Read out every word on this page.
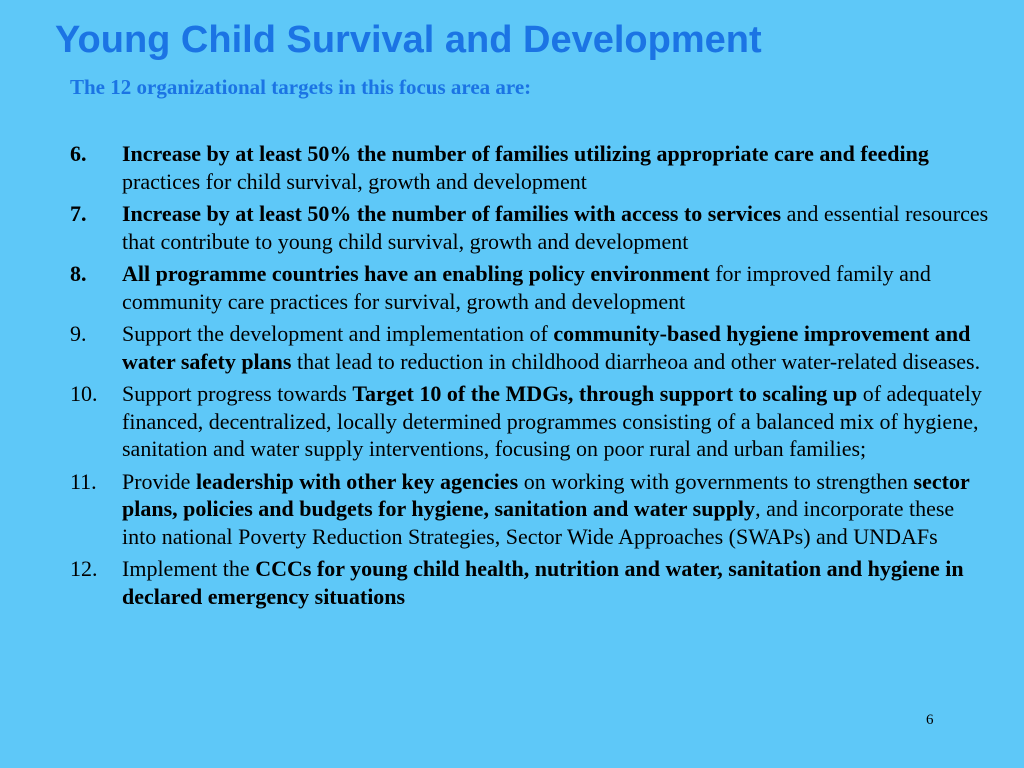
Young Child Survival and Development
The 12 organizational targets in this focus area are:
6.	Increase by at least 50% the number of families utilizing appropriate care and feeding practices for child survival, growth and development
7.	Increase by at least 50% the number of families with access to services and essential resources that contribute to young child survival, growth and development
8.	All programme countries have an enabling policy environment for improved family and community care practices for survival, growth and development
9.	Support the development and implementation of community-based hygiene improvement and water safety plans that lead to reduction in childhood diarrheoa and other water-related diseases.
10.	Support progress towards Target 10 of the MDGs, through support to scaling up of adequately financed, decentralized, locally determined programmes consisting of a balanced mix of hygiene, sanitation and water supply interventions, focusing on poor rural and urban families;
11.	Provide leadership with other key agencies on working with governments to strengthen sector plans, policies and budgets for hygiene, sanitation and water supply, and incorporate these into national Poverty Reduction Strategies, Sector Wide Approaches (SWAPs) and UNDAFs
12.	Implement the CCCs for young child health, nutrition and water, sanitation and hygiene in declared emergency situations
6
